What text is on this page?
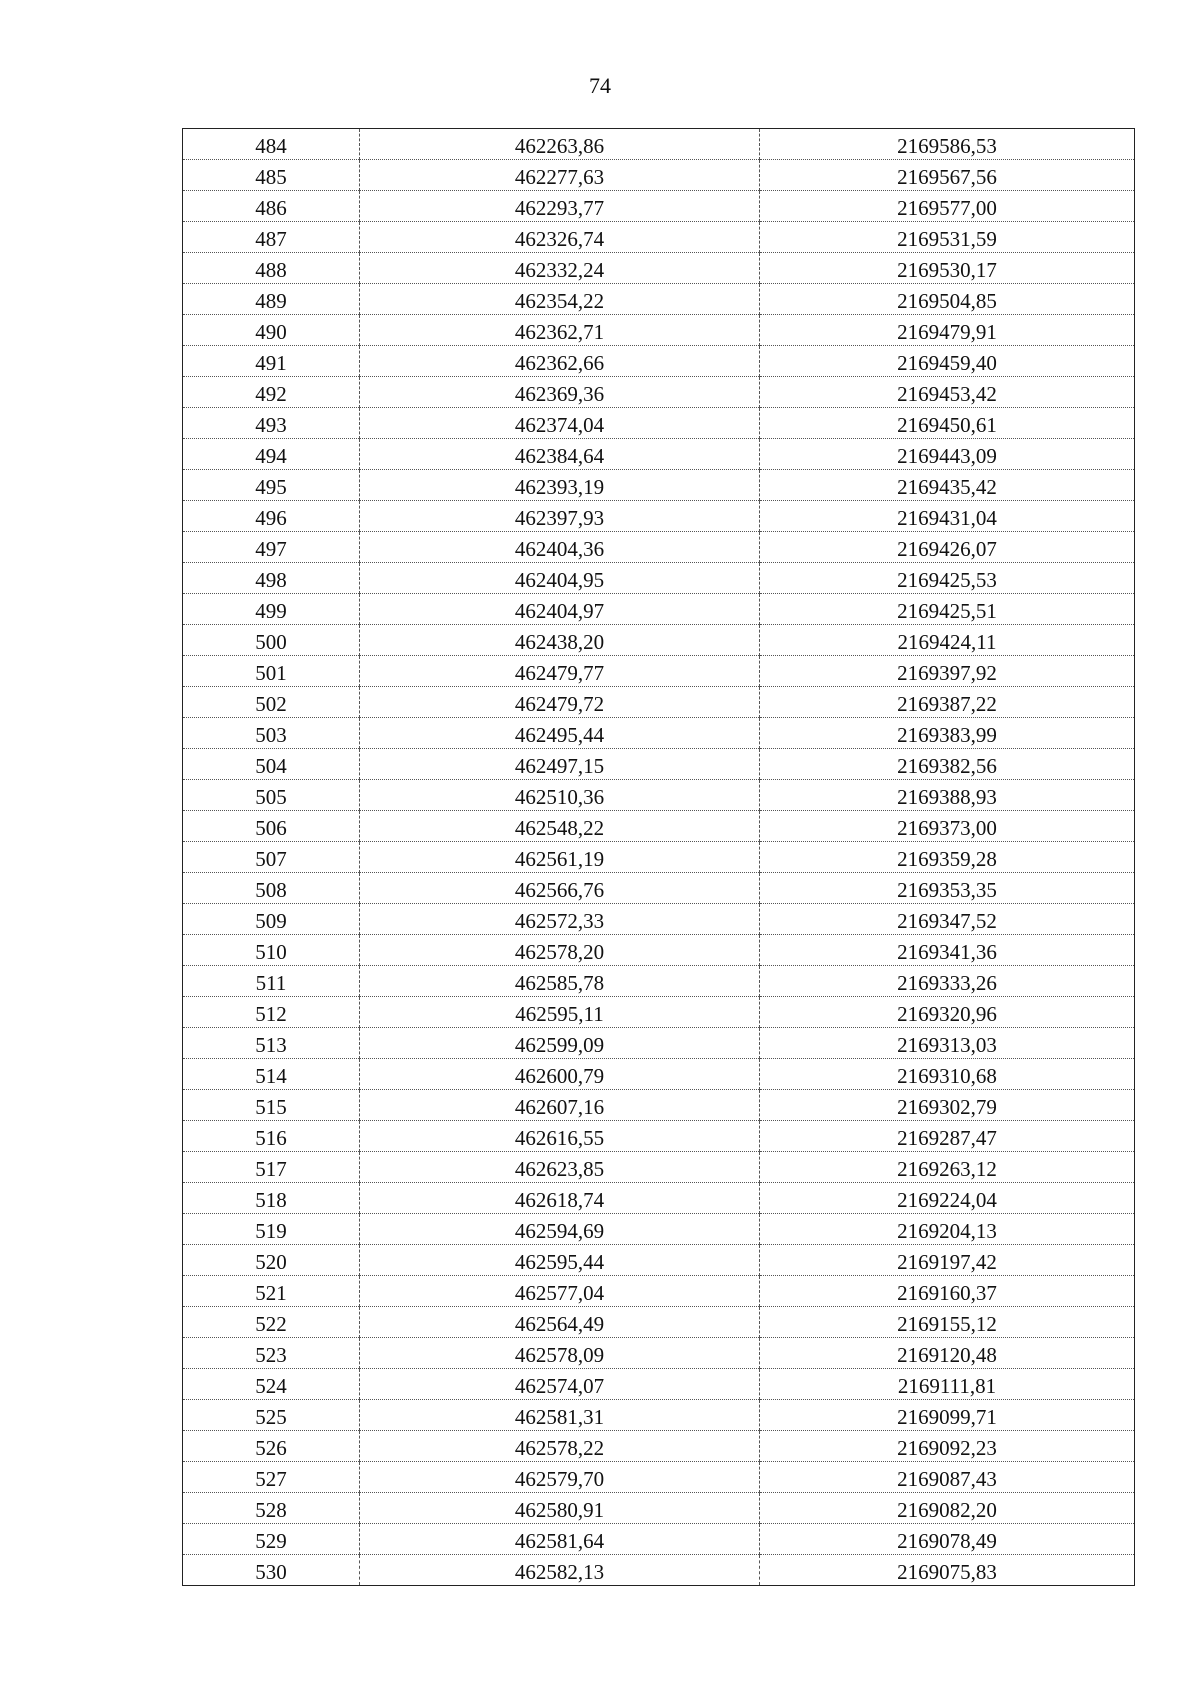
74
484	462263,86	2169586,53
485	462277,63	2169567,56
486	462293,77	2169577,00
487	462326,74	2169531,59
488	462332,24	2169530,17
489	462354,22	2169504,85
490	462362,71	2169479,91
491	462362,66	2169459,40
492	462369,36	2169453,42
493	462374,04	2169450,61
494	462384,64	2169443,09
495	462393,19	2169435,42
496	462397,93	2169431,04
497	462404,36	2169426,07
498	462404,95	2169425,53
499	462404,97	2169425,51
500	462438,20	2169424,11
501	462479,77	2169397,92
502	462479,72	2169387,22
503	462495,44	2169383,99
504	462497,15	2169382,56
505	462510,36	2169388,93
506	462548,22	2169373,00
507	462561,19	2169359,28
508	462566,76	2169353,35
509	462572,33	2169347,52
510	462578,20	2169341,36
511	462585,78	2169333,26
512	462595,11	2169320,96
513	462599,09	2169313,03
514	462600,79	2169310,68
515	462607,16	2169302,79
516	462616,55	2169287,47
517	462623,85	2169263,12
518	462618,74	2169224,04
519	462594,69	2169204,13
520	462595,44	2169197,42
521	462577,04	2169160,37
522	462564,49	2169155,12
523	462578,09	2169120,48
524	462574,07	2169111,81
525	462581,31	2169099,71
526	462578,22	2169092,23
527	462579,70	2169087,43
528	462580,91	2169082,20
529	462581,64	2169078,49
530	462582,13	2169075,83
